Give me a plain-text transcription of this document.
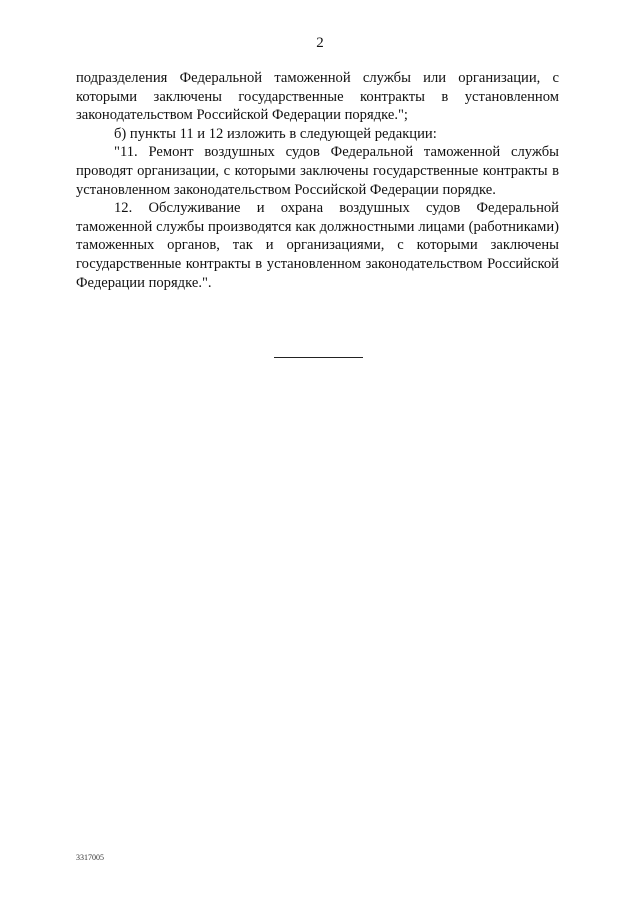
2

подразделения Федеральной таможенной службы или организации, с которыми заключены государственные контракты в установленном законодательством Российской Федерации порядке.";

б) пункты 11 и 12 изложить в следующей редакции:

"11. Ремонт воздушных судов Федеральной таможенной службы проводят организации, с которыми заключены государственные контракты в установленном законодательством Российской Федерации порядке.

12. Обслуживание и охрана воздушных судов Федеральной таможенной службы производятся как должностными лицами (работниками) таможенных органов, так и организациями, с которыми заключены государственные контракты в установленном законодательством Российской Федерации порядке.".

3317005
